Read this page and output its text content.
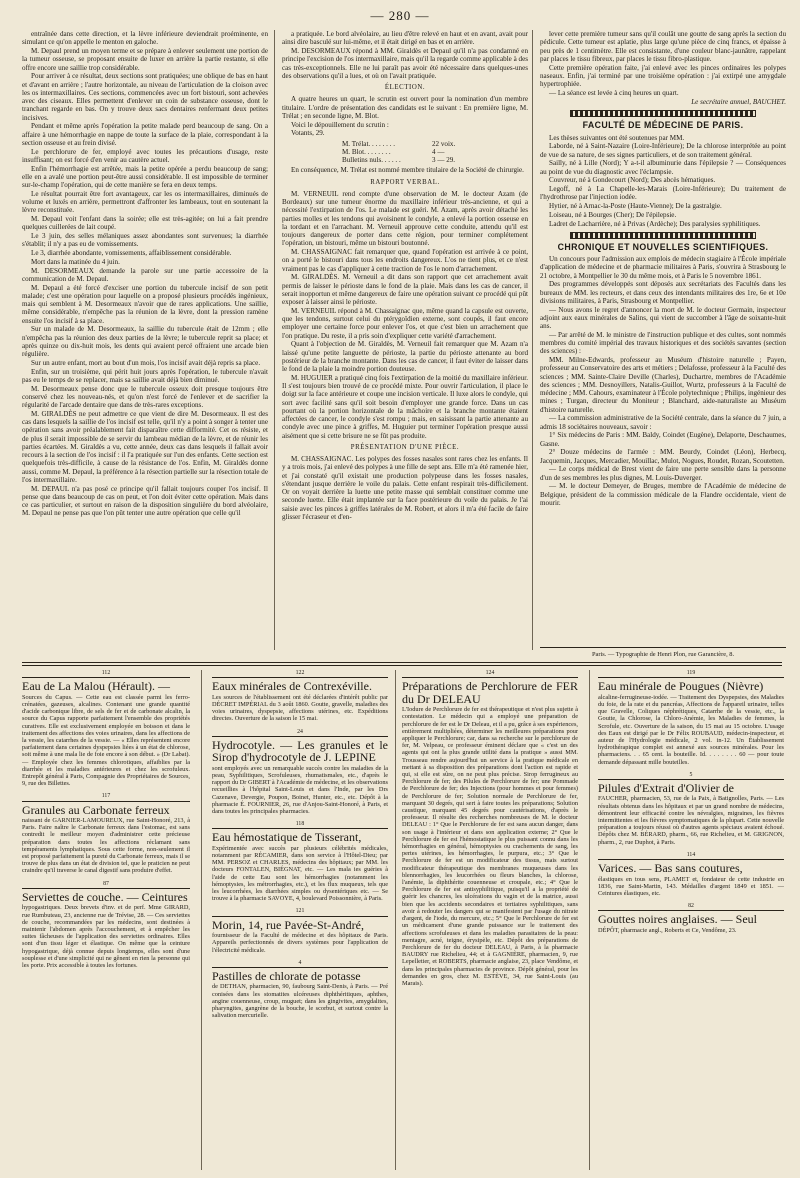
— 280 —

entraînée dans cette direction, et la lèvre inférieure deviendrait proéminente, en simulant ce qu'on appelle le menton en galoche.

M. Depaul prend un moyen terme et se prépare à enlever seulement une portion de la tumeur osseuse, se proposant ensuite de luxer en arrière la partie restante, si elle offre encore une saillie trop considérable.

Pour arriver à ce résultat, deux sections sont pratiquées; une oblique de bas en haut et d'avant en arrière ; l'autre horizontale, au niveau de l'articulation de la cloison avec les os intermaxillaires. Ces sections, commencées avec un fort bistouri, sont achevées avec des ciseaux. Elles permettent d'enlever un coin de substance osseuse, dont le tranchant regarde en bas. On y trouve deux sacs dentaires renfermant deux petites incisives.

Pendant et même après l'opération la petite malade perd beaucoup de sang. On a affaire à une hémorrhagie en nappe de toute la surface de la plaie, correspondant à la section osseuse et au frein divisé.

Le perchlorure de fer, employé avec toutes les précautions d'usage, reste insuffisant; on est forcé d'en venir au cautère actuel.

Enfin l'hémorrhagie est arrêtée, mais la petite opérée a perdu beaucoup de sang; elle en a avalé une portion peut-être aussi considérable. Il est impossible de terminer sur-le-champ l'opération, qui de cette manière se fera en deux temps.

Le résultat pourrait être fort avantageux, car les os intermaxillaires, diminués de volume et luxés en arrière, permettront d'affronter les lambeaux, tout en soutenant la lèvre reconstituée.

M. Depaul voit l'enfant dans la soirée; elle est très-agitée; on lui a fait prendre quelques cuillerées de lait coupé.

Le 3 juin, des selles mélaniques assez abondantes sont survenues; la diarrhée s'établit; il n'y a pas eu de vomissements.

Le 3, diarrhée abondante, vomissements, affaiblissement considérable.

Mort dans la matinée du 4 juin.

M. DESORMEAUX demande la parole sur une partie accessoire de la communication de M. Depaul.

M. Depaul a été forcé d'exciser une portion du tubercule incisif de son petit malade; c'est une opération pour laquelle on a proposé plusieurs procédés ingénieux, mais qui semblent à M. Desormeaux n'avoir que de rares applications. Une saillie, même considérable, n'empêche pas la réunion de la lèvre, dont la pression ramène ensuite l'os incisif à sa place.

Sur un malade de M. Desormeaux, la saillie du tubercule était de 12mm ; elle n'empêcha pas la réunion des deux parties de la lèvre; le tubercule reprit sa place; et après quinze ou dix-huit mois, les dents qui avaient percé offraient une arcade bien régulière.

Sur un autre enfant, mort au bout d'un mois, l'os incisif avait déjà repris sa place.

Enfin, sur un troisième, qui périt huit jours après l'opération, le tubercule n'avait pas eu le temps de se replacer, mais sa saillie avait déjà bien diminué.

M. Desormeaux pense donc que le tubercule osseux doit presque toujours être conservé chez les nouveau-nés, et qu'on n'est forcé de l'enlever et de sacrifier la régularité de l'arcade dentaire que dans de très-rares exceptions.

M. GIRALDÈS ne peut admettre ce que vient de dire M. Desormeaux. Il est des cas dans lesquels la saillie de l'os incisif est telle, qu'il n'y a point à songer à tenter une opération sans avoir préalablement fait disparaître cette difformité. Cet os résiste, et de plus il serait impossible de se servir du lambeau médian de la lèvre, et de réunir les parties écartées. M. Giraldès a vu, cette année, deux cas dans lesquels il fallait avoir recours à la section de l'os incisif : il l'a pratiquée sur l'un des enfants. Cette section est quelquefois très-difficile, à cause de la résistance de l'os. Enfin, M. Giraldès donne aussi, comme M. Depaul, la préférence à la résection partielle sur la résection totale de l'os intermaxillaire.

M. DEPAUL n'a pas posé ce principe qu'il fallait toujours couper l'os incisif. Il pense que dans beaucoup de cas on peut, et l'on doit éviter cette opération. Mais dans ce cas particulier, et surtout en raison de la disposition singulière du bord alvéolaire, M. Depaul ne pense pas que l'on pût tenter une autre opération que celle qu'il

a pratiquée. Le bord alvéolaire, au lieu d'être relevé en haut et en avant, avait pour ainsi dire basculé sur lui-même, et il était dirigé en bas et en arrière.

M. DESORMEAUX répond à MM. Giraldès et Depaul qu'il n'a pas condamné en principe l'excision de l'os intermaxillaire, mais qu'il la regarde comme applicable à des cas très-exceptionnels. Elle ne lui paraît pas avoir été nécessaire dans quelques-unes des observations qu'il a lues, et où on l'avait pratiquée.

ÉLECTION.

A quatre heures un quart, le scrutin est ouvert pour la nomination d'un membre titulaire. L'ordre de présentation des candidats est le suivant : En première ligne, M. Trélat ; en seconde ligne, M. Blot.

Voici le dépouillement du scrutin :

Votants, 29.

M. Trélat. . . . . . . .	22 voix.
M. Blot. . . . . . . .	4 —
Bulletins nuls. . . . . .	3 — 29.

En conséquence, M. Trélat est nommé membre titulaire de la Société de chirurgie.

RAPPORT VERBAL.

M. VERNEUIL rend compte d'une observation de M. le docteur Azam (de Bordeaux) sur une tumeur énorme du maxillaire inférieur très-ancienne, et qui a nécessité l'extirpation de l'os. Le malade est guéri. M. Azam, après avoir détaché les parties molles et les tendons qui avoisinent le condyle, a enlevé la portion osseuse en la tordant et en l'arrachant. M. Verneuil approuve cette conduite, attendu qu'il est toujours dangereux de porter dans cette région, pour terminer complétement l'opération, un bistouri, même un bistouri boutonné.

M. CHASSAIGNAC fait remarquer que, quand l'opération est arrivée à ce point, on a porté le bistouri dans tous les endroits dangereux. L'os ne tient plus, et ce n'est vraiment pas le cas d'appliquer à cette traction de l'os le nom d'arrachement.

M. GIRALDÈS. M. Verneuil a dit dans son rapport que cet arrachement avait permis de laisser le périoste dans le fond de la plaie. Mais dans les cas de cancer, il serait inopportun et même dangereux de faire une opération suivant ce procédé qui pût exposer à laisser ainsi le périoste.

M. VERNEUIL répond à M. Chassaignac que, même quand la capsule est ouverte, que les tendons, surtout celui du ptérygoïdien externe, sont coupés, il faut encore employer une certaine force pour enlever l'os, et que c'est bien un arrachement que l'on pratique. Du reste, il a pris soin d'expliquer cette variété d'arrachement.

Quant à l'objection de M. Giraldès, M. Verneuil fait remarquer que M. Azam n'a laissé qu'une petite languette de périoste, la partie du périoste attenante au bord postérieur de la branche montante. Dans les cas de cancer, il faut éviter de laisser dans le fond de la plaie la moindre portion douteuse.

M. HUGUIER a pratiqué cinq fois l'extirpation de la moitié du maxillaire inférieur. Il s'est toujours bien trouvé de ce procédé mixte. Pour ouvrir l'articulation, il place le doigt sur la face antérieure et coupe une incision verticale. Il luxe alors le condyle, qui sort avec facilité sans qu'il soit besoin d'employer une grande force. Dans un cas pourtant où la portion horizontale de la mâchoire et la branche montante étaient affectées de cancer, le condyle s'est rompu ; mais, en saisissant la partie attenante au condyle avec une pince à griffes, M. Huguier put terminer l'opération presque aussi aisément que si cette brisure ne se fût pas produite.

PRÉSENTATION D'UNE PIÈCE.

M. CHASSAIGNAC. Les polypes des fosses nasales sont rares chez les enfants. Il y a trois mois, j'ai enlevé des polypes à une fille de sept ans. Elle m'a été ramenée hier, et j'ai constaté qu'il existait une production polypeuse dans les fosses nasales, s'étendant jusque derrière le voile du palais. Cette enfant respirait très-difficilement. Or on voyait derrière la luette une petite masse qui semblait constituer comme une seconde luette. Elle était implantée sur la face postérieure du voile du palais. Je l'ai saisie avec les pinces à griffes latérales de M. Robert, et alors il m'a été facile de faire glisser l'écraseur et d'en-

lever cette première tumeur sans qu'il coulât une goutte de sang après la section du pédicule. Cette tumeur est aplatie, plus large qu'une pièce de cinq francs, et épaisse à peu près de 1 centimètre. Elle est consistante, d'une couleur blanc-jaunâtre, rappelant par places le tissu fibreux, par places le tissu fibro-plastique.

Cette première opération faite, j'ai enlevé avec les pinces ordinaires les polypes naseaux. Enfin, j'ai terminé par une troisième opération : j'ai extirpé une amygdale hypertrophiée.

— La séance est levée à cinq heures un quart.

Le secrétaire annuel, BAUCHET.
FACULTÉ DE MÉDECINE DE PARIS.

Les thèses suivantes ont été soutenues par MM.

Laborde, né à Saint-Nazaire (Loire-Inférieure); De la chlorose interprétée au point de vue de sa nature, de ses signes particuliers, et de son traitement général.

Sailly, né à Lille (Nord); Y a-t-il albuminurie dans l'épilepsie ? — Conséquences au point de vue du diagnostic avec l'éclampsie.

Couvreur, né à Gondecourt (Nord); Des abcès hématiques.

Legoff, né à La Chapelle-les-Marais (Loire-Inférieure); Du traitement de l'hydrothrose par l'injection iodée.

Hytier, né à Arnac-la-Poste (Haute-Vienne); De la gastralgie.

Loiseau, né à Bourges (Cher); De l'épilepsie.

Ladret de Lacharrière, né à Privas (Ardèche); Des paralysies syphilitiques.

CHRONIQUE ET NOUVELLES SCIENTIFIQUES.

Un concours pour l'admission aux emplois de médecin stagiaire à l'École impériale d'application de médecine et de pharmacie militaires à Paris, s'ouvrira à Strasbourg le 21 octobre, à Montpellier le 30 du même mois, et à Paris le 5 novembre 1861.

Des programmes développés sont déposés aux secrétariats des Facultés dans les bureaux de MM. les recteurs, et dans ceux des intendants militaires des 1re, 6e et 10e divisions militaires, à Paris, Strasbourg et Montpellier.

— Nous avons le regret d'annoncer la mort de M. le docteur Germain, inspecteur adjoint aux eaux minérales de Salins, qui vient de succomber à l'âge de soixante-huit ans.

— Par arrêté de M. le ministre de l'instruction publique et des cultes, sont nommés membres du comité impérial des travaux historiques et des sociétés savantes (section des sciences) :

MM. Milne-Edwards, professeur au Muséum d'histoire naturelle ; Payen, professeur au Conservatoire des arts et métiers ; Delafosse, professeur à la Faculté des sciences ; MM. Sainte-Claire Deville (Charles), Duchartre, membres de l'Académie des sciences ; MM. Desnoyillers, Natalis-Guillot, Wurtz, professeurs à la Faculté de médecine ; MM. Cahours, examinateur à l'École polytechnique ; Philips, ingénieur des mines ; Turgan, directeur du Moniteur ; Blanchard, aide-naturaliste au Muséum d'histoire naturelle.

— La commission administrative de la Société centrale, dans la séance du 7 juin, a admis 18 sociétaires nouveaux, savoir :

1° Six médecins de Paris : MM. Baldy, Coindet (Eugène), Delaporte, Deschaumes, Gasne.

2° Douze médecins de l'armée : MM. Beurdy, Coindet (Léon), Herbecq, Jacquemin, Jacques, Mercadier, Mouillac, Mulot, Nogues, Roudet, Rozan, Scoutetten.

— Le corps médical de Brest vient de faire une perte sensible dans la personne d'un de ses membres les plus dignes, M. Louis-Duverger.

— M. le docteur Demeyer, de Bruges, membre de l'Académie de médecine de Belgique, président de la commission médicale de la Flandre occidentale, vient de mourir.

Paris. — Typographie de Henri Plon, rue Garancière, 8.
112
Eau de La Malou (Hérault). —
Sources du Capus. — Cette eau est classée parmi les ferro-crénatées, gazeuses, alcalines. Contenant une grande quantité d'acide carbonique libre, de sels de fer et de carbonate alcalin, la source du Capus rapporte parfaitement l'ensemble des propriétés curatives. Elle est exclusivement employée en boisson et dans le traitement des affections des voies urinaires, dans les affections de la vessie, les catarrhes de la vessie. — « Elles représentent encore parfaitement dans certaines dyspepsies liées à un état de chlorose, soit même à une mala lie de foie encore à son début. » (Dr Labat). — Employée chez les femmes chlorotiques, affaiblies par la diarrhée et les maladies antérieures et chez les scrofuleux. Entrepôt général à Paris, Compagnie des Propriétaires de Sources, 9, rue des Billettes.
117
Granules au Carbonate ferreux
naissant de GARNIER-LAMOUREUX, rue Saint-Honoré, 213, à Paris. Faire naître le Carbonate ferreux dans l'estomac, est sans contredit le meilleur moyen d'administrer cette précieuse préparation dans toutes les affections réclamant sans tempéraments lymphatiques. Sous cette forme, non-seulement il est proposé parfaitement la pureté du Carbonate ferreux, mais il se trouve de plus dans un état de division tel, que le praticien ne peut craindre qu'il traverse le canal digestif sans produire d'effet.
87
Serviettes de couche. — Ceintures
hypogastriques. Deux brevets d'inv. et de perf. Mme GIRARD, rue Rumbuteau, 23, ancienne rue de Trévise, 28. — Ces serviettes de couche, recommandées par les médecins, sont destinées à maintenir l'abdomen après l'accouchement, et à empêcher les suites fâcheuses de l'application des serviettes ordinaires. Elles sont d'un tissu léger et élastique. On même que la ceinture hypogastrique, déjà connue depuis longtemps, elles sont d'une souplesse et d'une simplicité qui ne gênent en rien la personne qui les porte. Prix accessible à toutes les fortunes.
122
Eaux minérales de Contrexéville.
Les sources de l'établissement ont été déclarées d'intérêt public par DÉCRET IMPÉRIAL du 3 août 1860. Goutte, gravelle, maladies des voies urinaires, dyspepsie, affections utérines, etc. Expéditions directes. Ouverture de la saison le 15 mai.
24
Hydrocotyle. — Les granules et le Sirop d'hydrocotyle de J. LEPINE
sont employés avec un remarquable succès contre les maladies de la peau, Syphilitiques, Scrofuleuses, rhumatismales, etc., d'après le rapport du Dr GIBERT à l'Académie de médecine, et les observations recueillies à l'hôpital Saint-Louis et dans l'Inde, par les Drs Cazenave, Devergie, Poupon, Boinet, Hunter, etc., etc. Dépôt à la pharmacie É. FOURNIER, 26, rue d'Anjou-Saint-Honoré, à Paris, et dans toutes les principales pharmacies.
118
Eau hémostatique de Tisserant,
Expérimentée avec succès par plusieurs célébrités médicales, notamment par RÉCAMIER, dans son service à l'Hôtel-Dieu; par MM. PERSOZ et CHARLES, médecins des hôpitaux; par MM. les docteurs FONTALEN, BIÉGNAT, etc. — Les mala ies guéries à l'aide de cette Eau sont les hémorrhagies (notamment les hémoptysies, les métrorrhagies, etc.), et les flux muqueux, tels que les leucorrhées, les diarrhées simples ou dysentériques etc. — Se trouve à la pharmacie SAVOYE, 4, boulevard Poissonnière, à Paris.
121
Morin, 14, rue Pavée-St-André,
fournisseur de la Faculté de médecine et des hôpitaux de Paris. Appareils perfectionnés de divers systèmes pour l'application de l'électricité médicale.
4
Pastilles de chlorate de potasse
de DETHAN, pharmacien, 90, faubourg Saint-Denis, à Paris. — Pré conisées dans les stomatites ulcéreuses diphthéritiques, aphthes, angine couenneuse, croup, muguet; dans les gingivites, amygdalites, pharyngites, gangrène de la bouche, le scorbut, et surtout contre la salivation mercurielle.
124
Préparations de Perchlorure de FER du Dr DELEAU
L'Iodure de Perchlorure de fer est thérapeutique et n'est plus sujette à contestation. Le médecin qui a employé une préparation de perchlorure de fer est le Dr Deleau, et il a pu, grâce à ses expériences, entièrement multipliées, déterminer les meilleures préparations pour appliquer le Perchlorure; car, dans sa recherche sur le perchlorure de fer, M. Velpeau, ce professeur éminent déclare que « c'est un des agents qui ont la plus grande utilité dans la pratique » aussi MM. Trousseau rendre aujourd'hui un service à la pratique médicale en mettant à sa disposition des préparations dont l'action est rapide et qui, si elle est sûre, on ne peut plus précise. Sirop ferrugineux au Perchlorure de fer; des Pilules de Perchlorure de fer; une Pommade de Perchlorure de fer; des Injections (pour hommes et pour femmes) de Perchlorure de fer; Solution normale de Perchlorure de fer, marquant 30 degrés, qui sert à faire toutes les préparations; Solution caustique, marquant 45 degrés pour cautérisations, d'après le professeur. Il résulte des recherches nombreuses de M. le docteur DELEAU : 1° Que le Perchlorure de fer est sans aucun danger, dans son usage à l'intérieur et dans son application externe; 2° Que le Perchlorure de fer est l'hémostatique le plus puissant connu dans les hémorrhagies en général, hémoptysies ou crachements de sang, les pertes utérines, les hémorrhagies, le purpura, etc.; 3° Que le Perchlorure de fer est un modificateur des tissus, mais surtout modificateur thérapeutique des membranes muqueuses dans les blennorrhagies, les leucorrhées ou fleurs blanches, la chlorose, l'anémie, la diphthérite couenneuse et croupale, etc.; 4° Que le Perchlorure de fer est antisyphilitique, puisqu'il a la propriété de guérir les chancres, les ulcérations du vagin et de la matrice, aussi bien que les accidents secondaires et tertiaires syphilitiques, sans avoir à redouter les dangers qui se manifestent par l'usage du nitrate d'argent, de l'iode, du mercure, etc.; 5° Que le Perchlorure de fer est un médicament d'une grande puissance sur le traitement des affections scrofuleuses et dans les maladies parasitaires de la peau: mentagre, acné, teigne, érysipèle, etc. Dépôt des préparations de Perchlorure de fer du docteur DELEAU, à Paris, à la pharmacie BAUDRY rue Richelieu, 44; et à GAGNIÈRE, pharmacien, 9, rue Lepelletier, et ROBERTS, pharmacie anglaise, 23, place Vendôme, et dans les principales pharmacies de province. Dépôt général, pour les demandes en gros, chez M. ESTÈVE, 34, rue Saint-Louis (au Marais).
119
Eau minérale de Pougues (Nièvre)
alcaline-ferrugineuse-iodée. — Traitement des Dyspepsies, des Maladies du foie, de la rate et du pancréas, Affections de l'appareil urinaire, telles que Gravelle, Coliques néphrétiques, Catarrhe de la vessie, etc., la Goutte, la Chlorose, la Chloro-Anémie, les Maladies de femmes, la Scrofule, etc. Ouverture de la saison, du 15 mai au 15 octobre. L'usage des Eaux est dirigé par le Dr Félix ROUBAUD, médecin-inspecteur, et auteur de l'Hydrologie médicale, 2 vol. in-12. Un Établissement hydrothérapique complet est annexé aux sources minérales. Pour les pharmaciens. . . 65 cent. la bouteille. Id. . . . . . . . 60 — pour toute demande dépassant mille bouteilles.
5
Pilules d'Extrait d'Olivier de
FAUCHER, pharmacien, 53, rue de la Paix, à Batignolles, Paris. — Les résultats obtenus dans les hôpitaux et par un grand nombre de médecins, démontrent leur efficacité contre les névralgies, migraines, les fièvres intermittentes et les fièvres symptomatiques de la plupart. Cette nouvelle préparation a toujours réussi où d'autres agents spéciaux avaient échoué. Dépôts chez M. BÉRARD, pharm., 66, rue Richelieu, et M. GRIGNON, pharm., 2, rue Duphot, à Paris.
114
Varices. — Bas sans coutures,
élastiques en tous sens, PLAMET et, fondateur de cette industrie en 1836, rue Saint-Martin, 143. Médailles d'argent 1849 et 1851. — Ceintures élastiques, etc.
82
Gouttes noires anglaises. — Seul
DÉPÔT, pharmacie angl., Roberts et Ce, Vendôme, 23.
